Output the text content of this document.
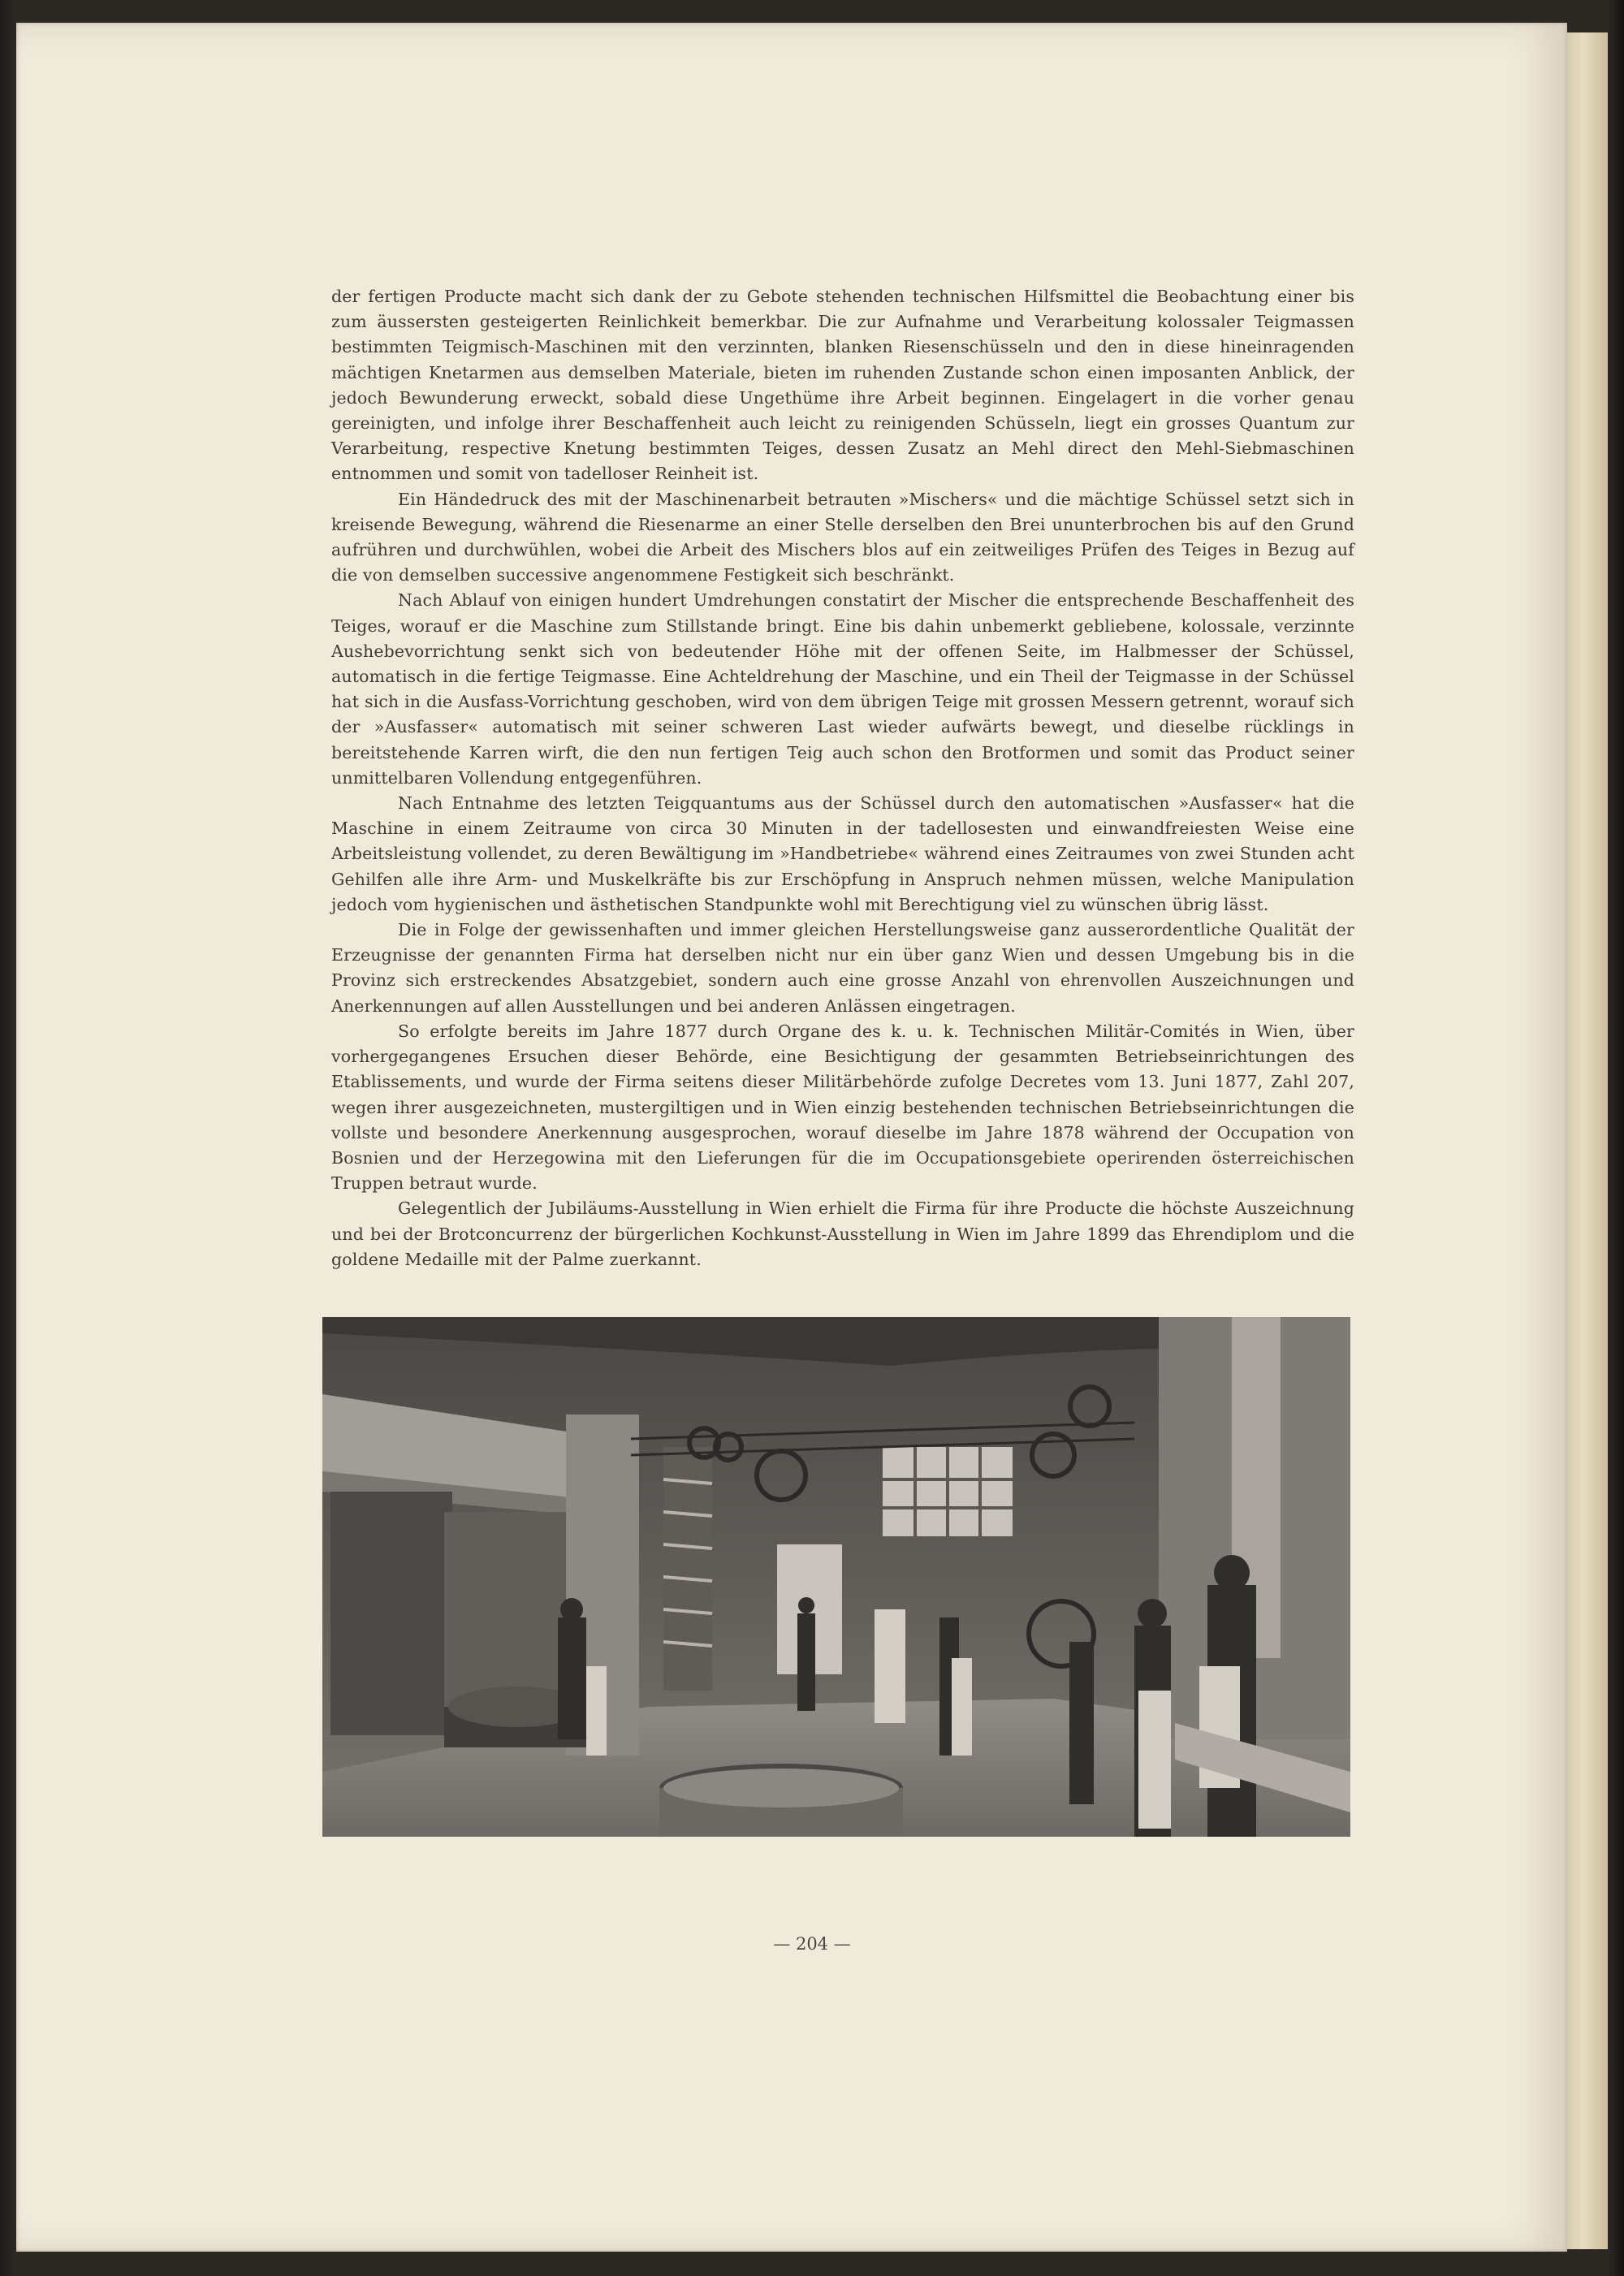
der fertigen Producte macht sich dank der zu Gebote stehenden technischen Hilfsmittel die Beobachtung einer bis zum äussersten gesteigerten Reinlichkeit bemerkbar. Die zur Aufnahme und Verarbeitung kolossaler Teigmassen bestimmten Teigmisch-Maschinen mit den verzinnten, blanken Riesenschüsseln und den in diese hineinragenden mächtigen Knetarmen aus demselben Materiale, bieten im ruhenden Zustande schon einen imposanten Anblick, der jedoch Bewunderung erweckt, sobald diese Ungethüme ihre Arbeit beginnen. Eingelagert in die vorher genau gereinigten, und infolge ihrer Beschaffenheit auch leicht zu reinigenden Schüsseln, liegt ein grosses Quantum zur Verarbeitung, respective Knetung bestimmten Teiges, dessen Zusatz an Mehl direct den Mehl-Siebmaschinen entnommen und somit von tadelloser Reinheit ist.

Ein Händedruck des mit der Maschinenarbeit betrauten »Mischers« und die mächtige Schüssel setzt sich in kreisende Bewegung, während die Riesenarme an einer Stelle derselben den Brei ununterbrochen bis auf den Grund aufrühren und durchwühlen, wobei die Arbeit des Mischers blos auf ein zeitweiliges Prüfen des Teiges in Bezug auf die von demselben successive angenommene Festigkeit sich beschränkt.

Nach Ablauf von einigen hundert Umdrehungen constatirt der Mischer die entsprechende Beschaffenheit des Teiges, worauf er die Maschine zum Stillstande bringt. Eine bis dahin unbemerkt gebliebene, kolossale, verzinnte Aushebevorrichtung senkt sich von bedeutender Höhe mit der offenen Seite, im Halbmesser der Schüssel, automatisch in die fertige Teigmasse. Eine Achteldrehung der Maschine, und ein Theil der Teigmasse in der Schüssel hat sich in die Ausfass-Vorrichtung geschoben, wird von dem übrigen Teige mit grossen Messern getrennt, worauf sich der »Ausfasser« automatisch mit seiner schweren Last wieder aufwärts bewegt, und dieselbe rücklings in bereitstehende Karren wirft, die den nun fertigen Teig auch schon den Brotformen und somit das Product seiner unmittelbaren Vollendung entgegenführen.

Nach Entnahme des letzten Teigquantums aus der Schüssel durch den automatischen »Ausfasser« hat die Maschine in einem Zeitraume von circa 30 Minuten in der tadellosesten und einwandfreiesten Weise eine Arbeitsleistung vollendet, zu deren Bewältigung im »Handbetriebe« während eines Zeitraumes von zwei Stunden acht Gehilfen alle ihre Arm- und Muskelkräfte bis zur Erschöpfung in Anspruch nehmen müssen, welche Manipulation jedoch vom hygienischen und ästhetischen Standpunkte wohl mit Berechtigung viel zu wünschen übrig lässt.

Die in Folge der gewissenhaften und immer gleichen Herstellungsweise ganz ausserordentliche Qualität der Erzeugnisse der genannten Firma hat derselben nicht nur ein über ganz Wien und dessen Umgebung bis in die Provinz sich erstreckendes Absatzgebiet, sondern auch eine grosse Anzahl von ehrenvollen Auszeichnungen und Anerkennungen auf allen Ausstellungen und bei anderen Anlässen eingetragen.

So erfolgte bereits im Jahre 1877 durch Organe des k. u. k. Technischen Militär-Comités in Wien, über vorhergegangenes Ersuchen dieser Behörde, eine Besichtigung der gesammten Betriebseinrichtungen des Etablissements, und wurde der Firma seitens dieser Militärbehörde zufolge Decretes vom 13. Juni 1877, Zahl 207, wegen ihrer ausgezeichneten, mustergiltigen und in Wien einzig bestehenden technischen Betriebseinrichtungen die vollste und besondere Anerkennung ausgesprochen, worauf dieselbe im Jahre 1878 während der Occupation von Bosnien und der Herzegowina mit den Lieferungen für die im Occupationsgebiete operirenden österreichischen Truppen betraut wurde.

Gelegentlich der Jubiläums-Ausstellung in Wien erhielt die Firma für ihre Producte die höchste Auszeichnung und bei der Brotconcurrenz der bürgerlichen Kochkunst-Ausstellung in Wien im Jahre 1899 das Ehrendiplom und die goldene Medaille mit der Palme zuerkannt.

— 204 —
